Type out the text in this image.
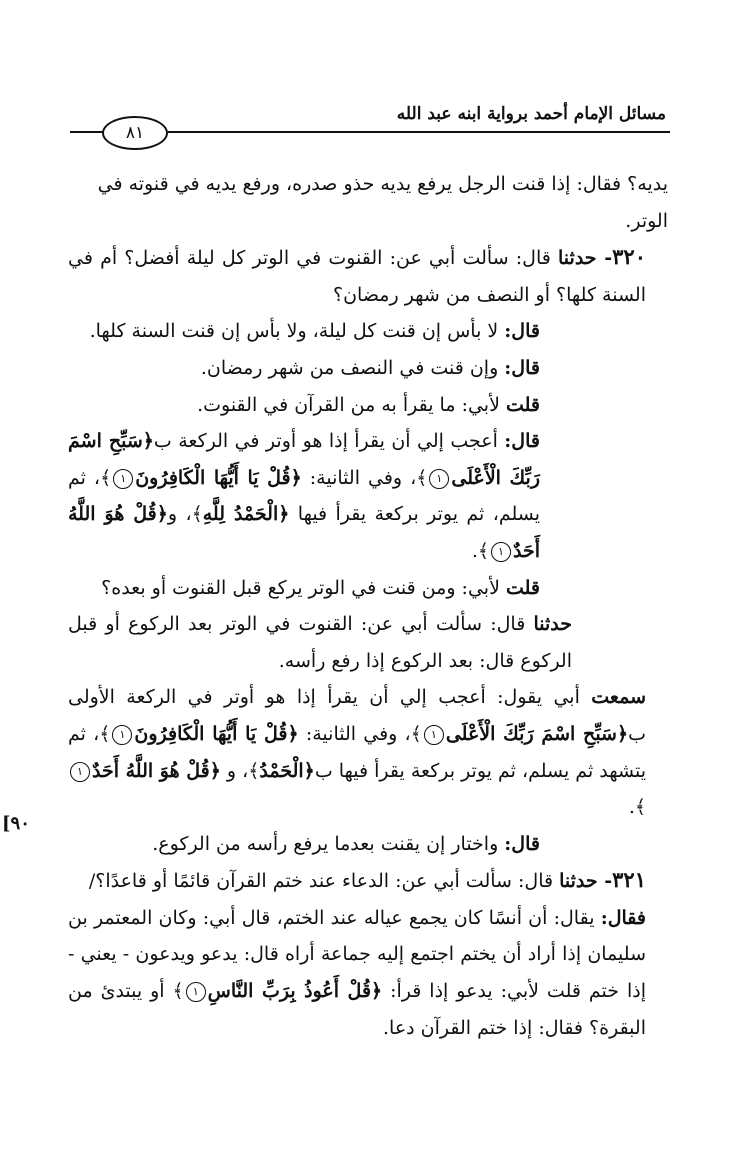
مسائل الإمام أحمد برواية ابنه عبد الله
٨١
[٩٠

يديه؟ فقال: إذا قنت الرجل يرفع يديه حذو صدره، ورفع يديه في قنوته في الوتر.

٣٢٠- حدثنا قال: سألت أبي عن: القنوت في الوتر كل ليلة أفضل؟ أم في السنة كلها؟ أو النصف من شهر رمضان؟

قال: لا بأس إن قنت كل ليلة، ولا بأس إن قنت السنة كلها.

قال: وإن قنت في النصف من شهر رمضان.

قلت لأبي: ما يقرأ به من القرآن في القنوت.

قال: أعجب إلي أن يقرأ إذا هو أوتر في الركعة ب﴿سَبِّحِ اسْمَ رَبِّكَ الْأَعْلَى١﴾، وفي الثانية: ﴿قُلْ يَا أَيُّهَا الْكَافِرُونَ١﴾، ثم يسلم، ثم يوتر بركعة يقرأ فيها ﴿الْحَمْدُ لِلَّهِ﴾، و﴿قُلْ هُوَ اللَّهُ أَحَدٌ١﴾.

قلت لأبي: ومن قنت في الوتر يركع قبل القنوت أو بعده؟

حدثنا قال: سألت أبي عن: القنوت في الوتر بعد الركوع أو قبل الركوع قال: بعد الركوع إذا رفع رأسه.

سمعت أبي يقول: أعجب إلي أن يقرأ إذا هو أوتر في الركعة الأولى ب﴿سَبِّحِ اسْمَ رَبِّكَ الْأَعْلَى١﴾، وفي الثانية: ﴿قُلْ يَا أَيُّهَا الْكَافِرُونَ١﴾، ثم يتشهد ثم يسلم، ثم يوتر بركعة يقرأ فيها ب﴿الْحَمْدُ﴾، و ﴿قُلْ هُوَ اللَّهُ أَحَدٌ١﴾.

قال: واختار إن يقنت بعدما يرفع رأسه من الركوع.

٣٢١- حدثنا قال: سألت أبي عن: الدعاء عند ختم القرآن قائمًا أو قاعدًا؟/

فقال: يقال: أن أنسًا كان يجمع عياله عند الختم، قال أبي: وكان المعتمر بن سليمان إذا أراد أن يختم اجتمع إليه جماعة أراه قال: يدعو ويدعون - يعني - إذا ختم قلت لأبي: يدعو إذا قرأ: ﴿قُلْ أَعُوذُ بِرَبِّ النَّاسِ١﴾ أو يبتدئ من البقرة؟ فقال: إذا ختم القرآن دعا.
